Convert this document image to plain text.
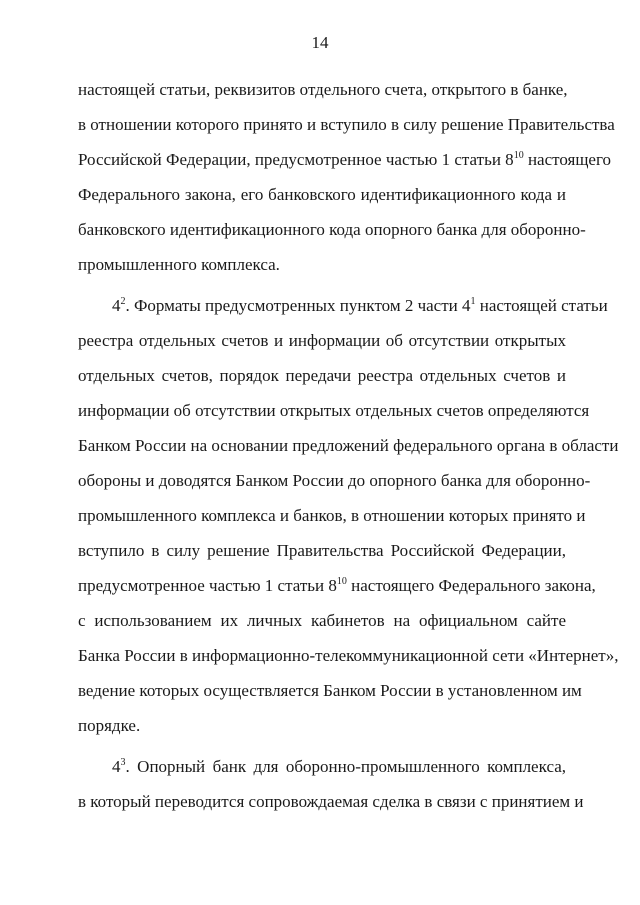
14
настоящей статьи, реквизитов отдельного счета, открытого в банке,
в отношении которого принято и вступило в силу решение Правительства
Российской Федерации, предусмотренное частью 1 статьи $8^{10}$ настоящего
Федерального закона, его банковского идентификационного кода и
банковского идентификационного кода опорного банка для оборонно-
промышленного комплекса.
$4^2$. Форматы предусмотренных пунктом 2 части $4^1$ настоящей статьи
реестра отдельных счетов и информации об отсутствии открытых
отдельных счетов, порядок передачи реестра отдельных счетов и
информации об отсутствии открытых отдельных счетов определяются
Банком России на основании предложений федерального органа в области
обороны и доводятся Банком России до опорного банка для оборонно-
промышленного комплекса и банков, в отношении которых принято и
вступило в силу решение Правительства Российской Федерации,
предусмотренное частью 1 статьи $8^{10}$ настоящего Федерального закона,
с использованием их личных кабинетов на официальном сайте
Банка России в информационно-телекоммуникационной сети «Интернет»,
ведение которых осуществляется Банком России в установленном им
порядке.
$4^3$. Опорный банк для оборонно-промышленного комплекса,
в который переводится сопровождаемая сделка в связи с принятием и
